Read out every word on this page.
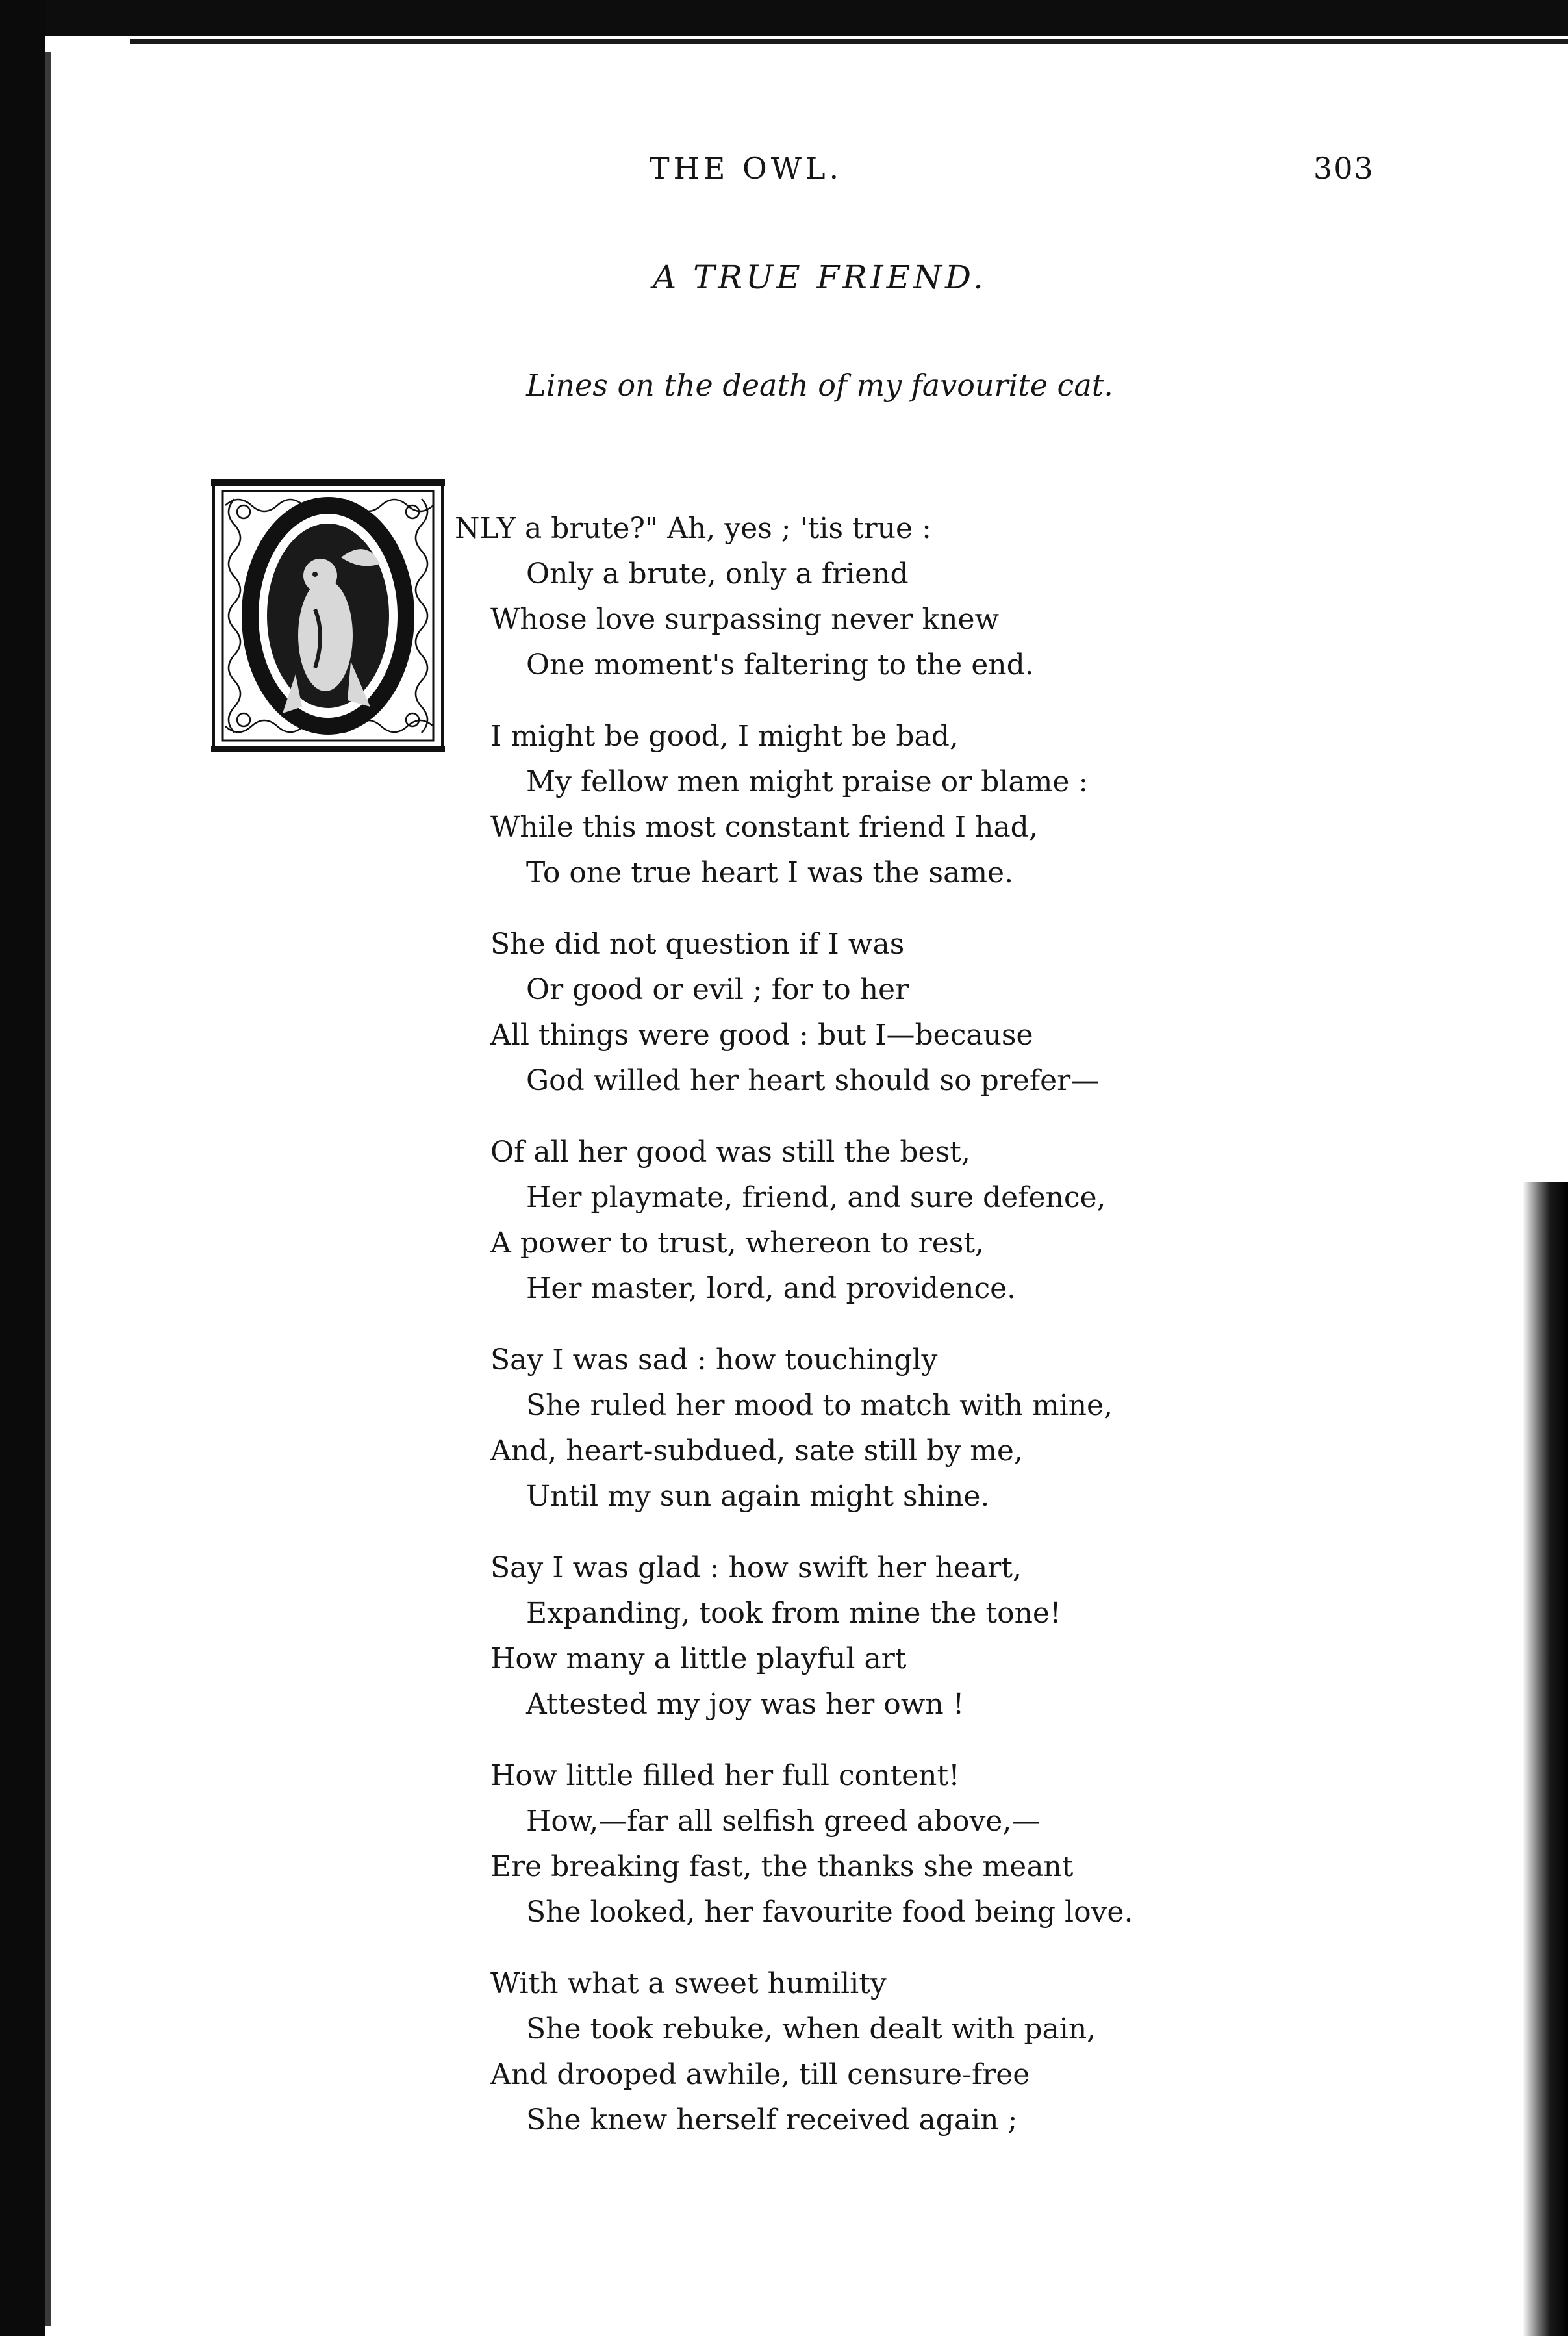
THE OWL.	303
A TRUE FRIEND.
Lines on the death of my favourite cat.
NLY a brute?" Ah, yes ; 'tis true :
Only a brute, only a friend
Whose love surpassing never knew
One moment's faltering to the end.
I might be good, I might be bad,
My fellow men might praise or blame :
While this most constant friend I had,
To one true heart I was the same.
She did not question if I was
Or good or evil ; for to her
All things were good : but I—because
God willed her heart should so prefer—
Of all her good was still the best,
Her playmate, friend, and sure defence,
A power to trust, whereon to rest,
Her master, lord, and providence.
Say I was sad : how touchingly
She ruled her mood to match with mine,
And, heart-subdued, sate still by me,
Until my sun again might shine.
Say I was glad : how swift her heart,
Expanding, took from mine the tone!
How many a little playful art
Attested my joy was her own !
How little filled her full content!
How,—far all selfish greed above,—
Ere breaking fast, the thanks she meant
She looked, her favourite food being love.
With what a sweet humility
She took rebuke, when dealt with pain,
And drooped awhile, till censure-free
She knew herself received again ;
